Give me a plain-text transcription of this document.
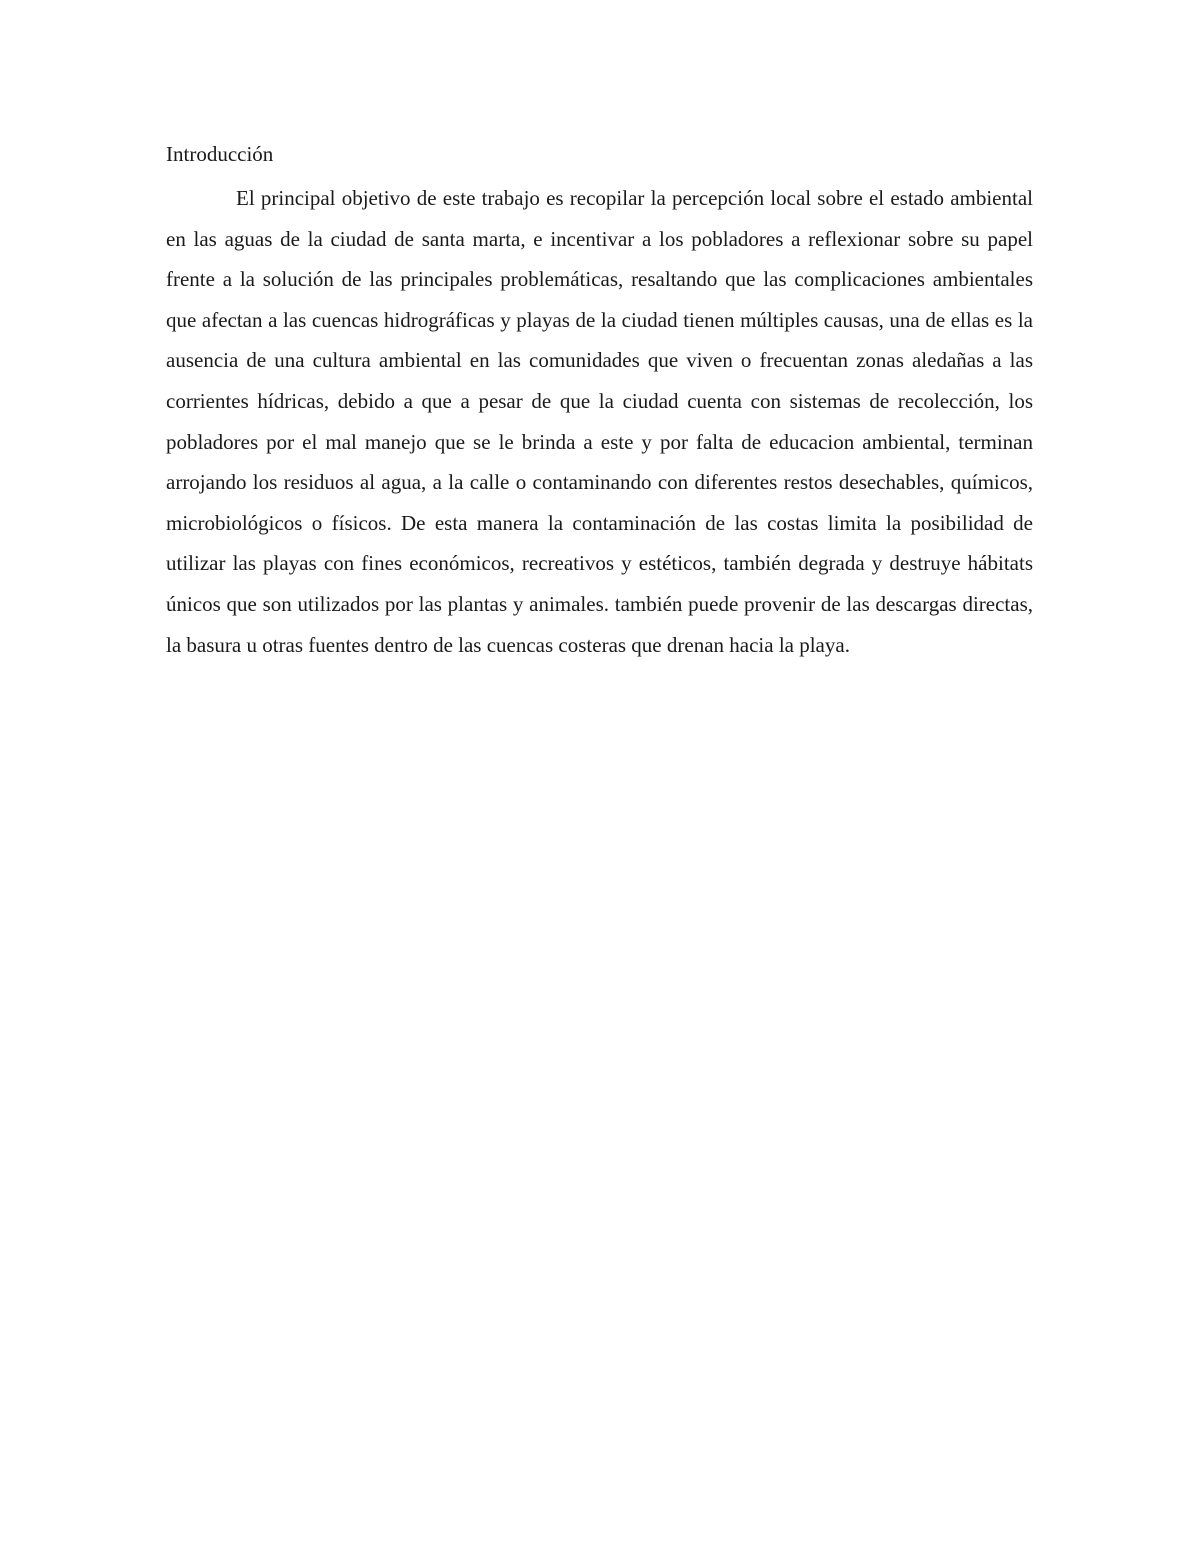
Introducción

El principal objetivo de este trabajo es recopilar la percepción local sobre el estado ambiental en las aguas de la ciudad de santa marta, e incentivar a los pobladores a reflexionar sobre su papel frente a la solución de las principales problemáticas, resaltando que las complicaciones ambientales que afectan a las cuencas hidrográficas y playas de la ciudad tienen múltiples causas, una de ellas es la ausencia de una cultura ambiental en las comunidades que viven o frecuentan zonas aledañas a las corrientes hídricas, debido a que a pesar de que la ciudad cuenta con sistemas de recolección, los pobladores por el mal manejo que se le brinda a este y por falta de educacion ambiental, terminan arrojando los residuos al agua, a la calle o contaminando con diferentes restos desechables, químicos, microbiológicos o físicos. De esta manera la contaminación de las costas limita la posibilidad de utilizar las playas con fines económicos, recreativos y estéticos, también degrada y destruye hábitats únicos que son utilizados por las plantas y animales. también puede provenir de las descargas directas, la basura u otras fuentes dentro de las cuencas costeras que drenan hacia la playa.
